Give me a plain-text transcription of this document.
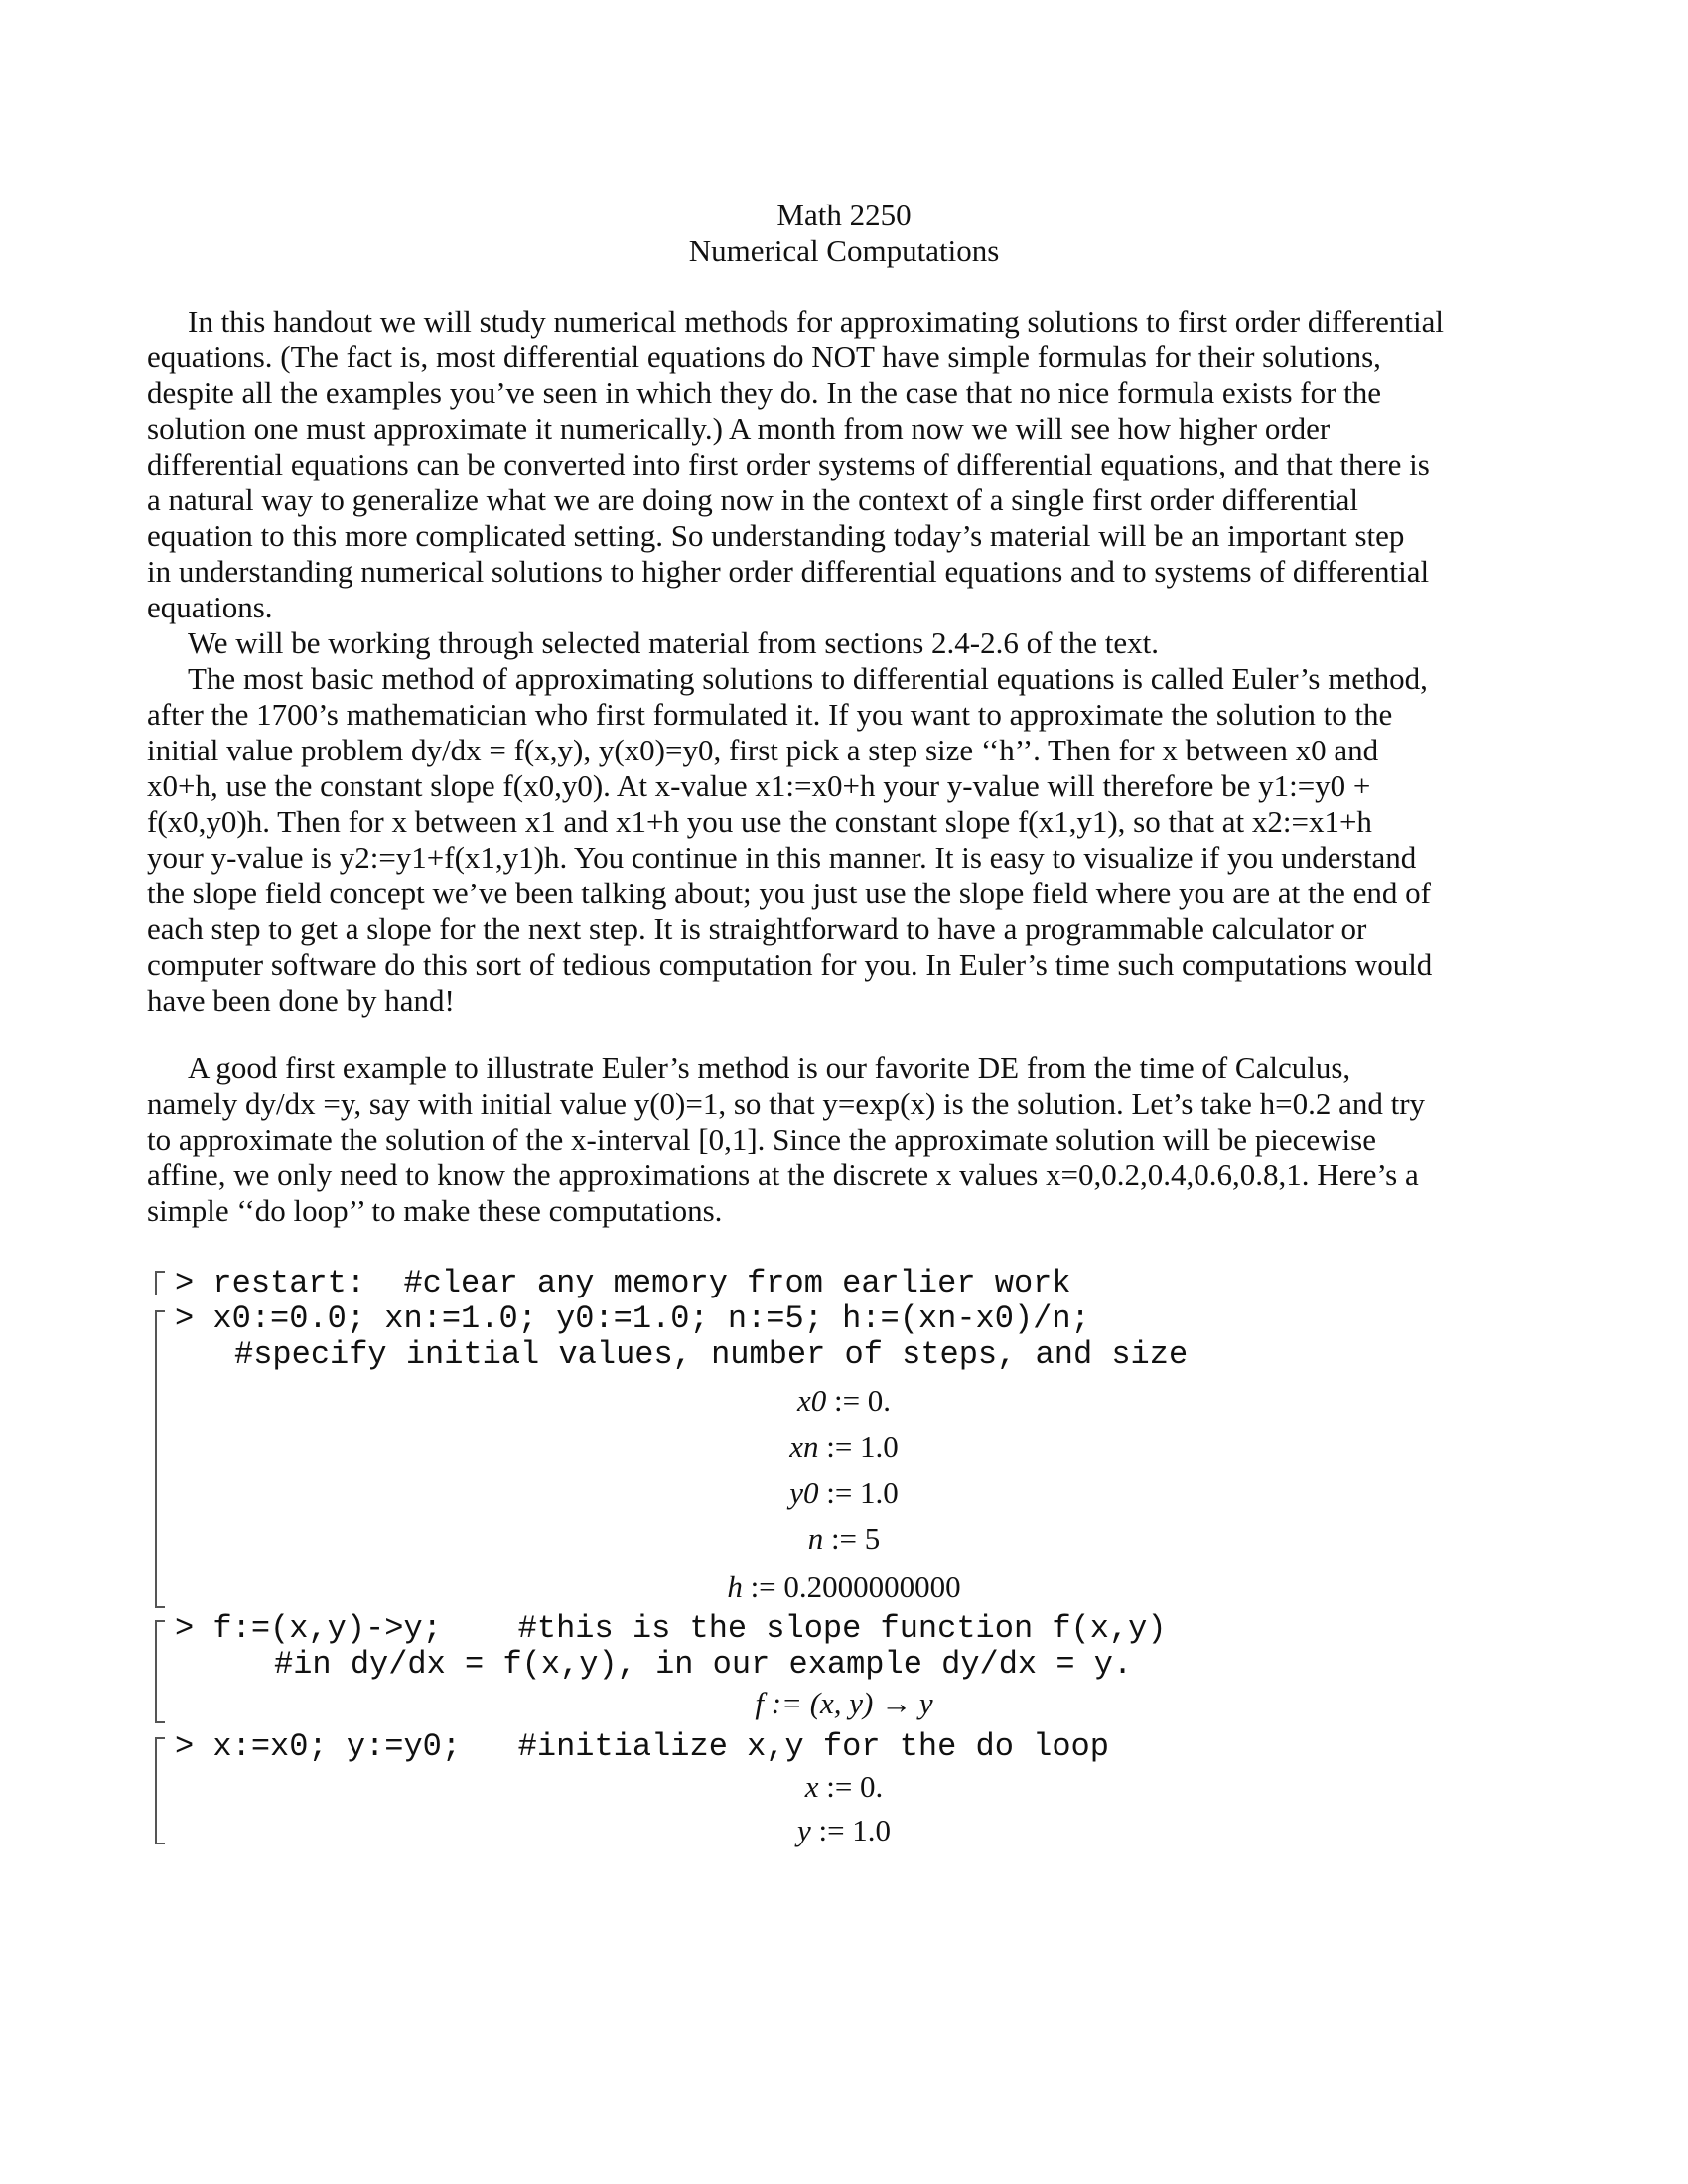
Math 2250
Numerical Computations
In this handout we will study numerical methods for approximating solutions to first order differential
equations. (The fact is, most differential equations do NOT have simple formulas for their solutions,
despite all the examples you’ve seen in which they do. In the case that no nice formula exists for the
solution one must approximate it numerically.) A month from now we will see how higher order
differential equations can be converted into first order systems of differential equations, and that there is
a natural way to generalize what we are doing now in the context of a single first order differential
equation to this more complicated setting. So understanding today’s material will be an important step
in understanding numerical solutions to higher order differential equations and to systems of differential
equations.
We will be working through selected material from sections 2.4-2.6 of the text.
The most basic method of approximating solutions to differential equations is called Euler’s method,
after the 1700’s mathematician who first formulated it. If you want to approximate the solution to the
initial value problem dy/dx = f(x,y), y(x0)=y0, first pick a step size ‘‘h’’. Then for x between x0 and
x0+h, use the constant slope f(x0,y0). At x-value x1:=x0+h your y-value will therefore be y1:=y0 +
f(x0,y0)h. Then for x between x1 and x1+h you use the constant slope f(x1,y1), so that at x2:=x1+h
your y-value is y2:=y1+f(x1,y1)h. You continue in this manner. It is easy to visualize if you understand
the slope field concept we’ve been talking about; you just use the slope field where you are at the end of
each step to get a slope for the next step. It is straightforward to have a programmable calculator or
computer software do this sort of tedious computation for you. In Euler’s time such computations would
have been done by hand!
A good first example to illustrate Euler’s method is our favorite DE from the time of Calculus,
namely dy/dx =y, say with initial value y(0)=1, so that y=exp(x) is the solution. Let’s take h=0.2 and try
to approximate the solution of the x-interval [0,1]. Since the approximate solution will be piecewise
affine, we only need to know the approximations at the discrete x values x=0,0.2,0.4,0.6,0.8,1. Here’s a
simple ‘‘do loop’’ to make these computations.
> restart:  #clear any memory from earlier work
> x0:=0.0; xn:=1.0; y0:=1.0; n:=5; h:=(xn-x0)/n;
#specify initial values, number of steps, and size
x0 := 0.
xn := 1.0
y0 := 1.0
n := 5
h := 0.2000000000
> f:=(x,y)->y;    #this is the slope function f(x,y)
#in dy/dx = f(x,y), in our example dy/dx = y.
f := (x, y) → y
> x:=x0; y:=y0;   #initialize x,y for the do loop
x := 0.
y := 1.0
